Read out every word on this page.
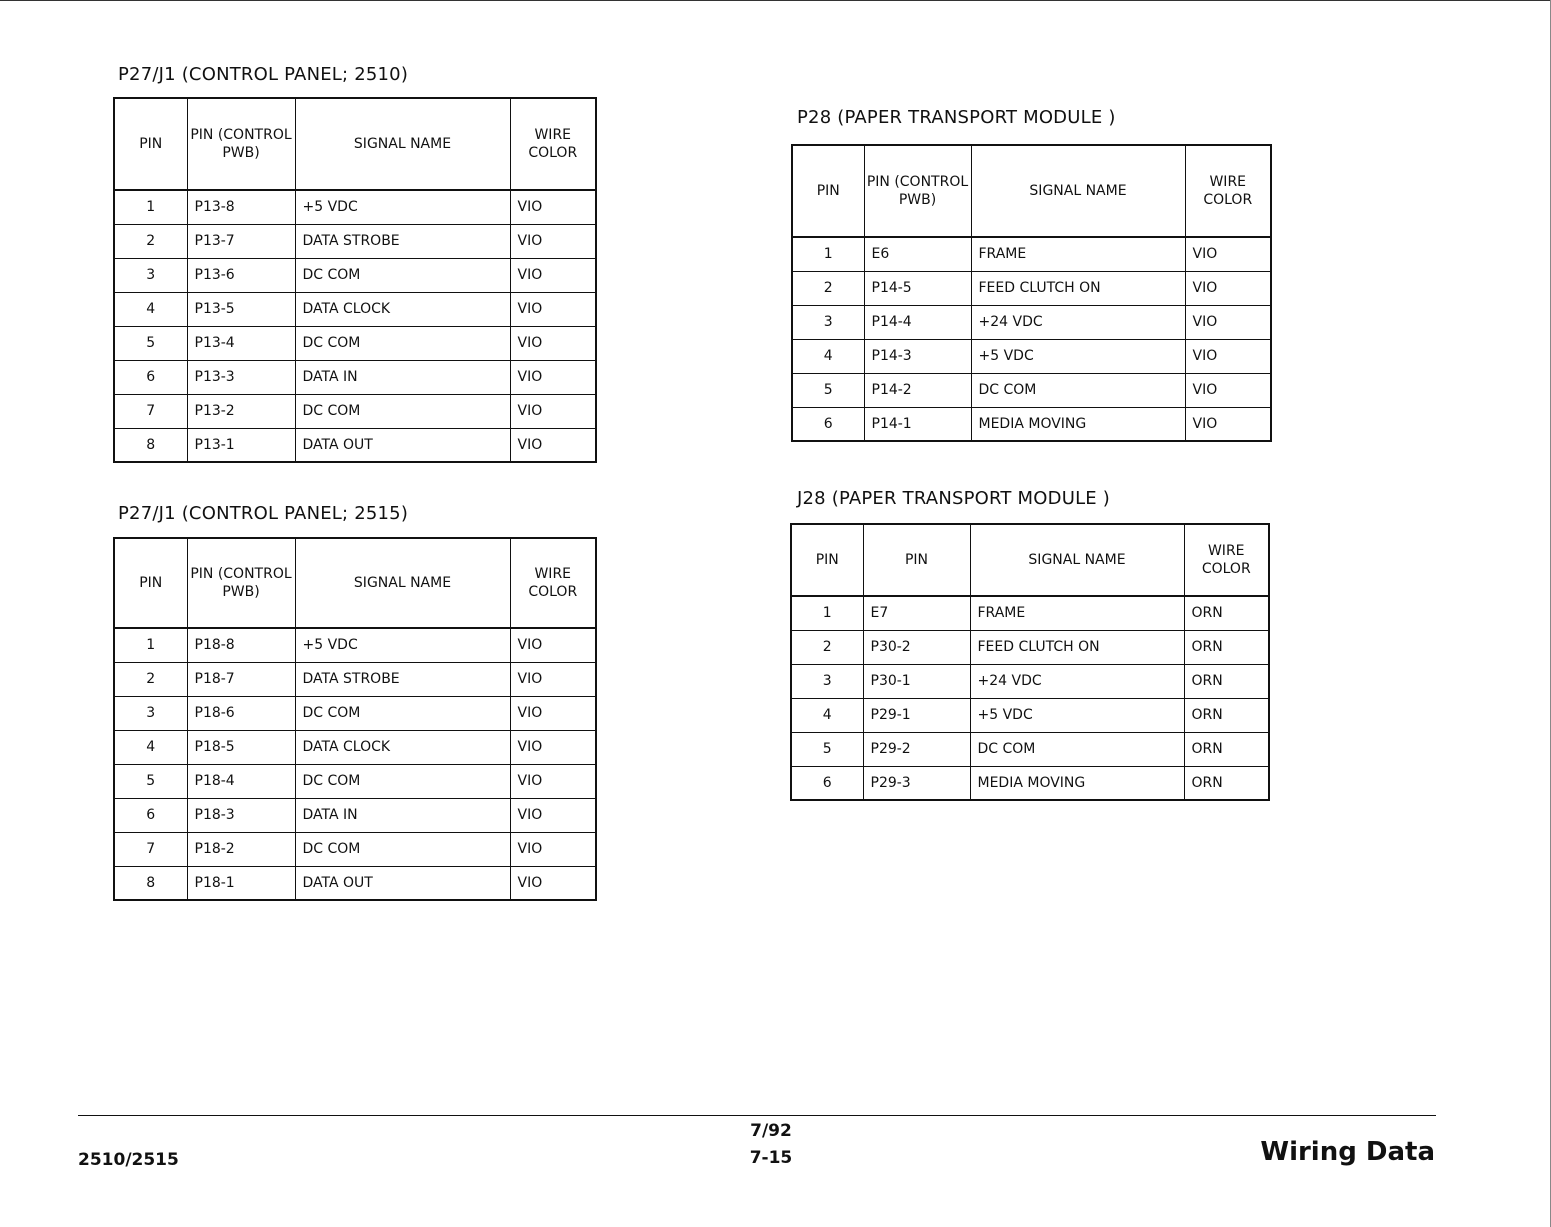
P27/J1 (CONTROL PANEL; 2510)
PIN	PIN (CONTROL PWB)	SIGNAL NAME	WIRE COLOR
1	P13-8	+5 VDC	VIO
2	P13-7	DATA STROBE	VIO
3	P13-6	DC COM	VIO
4	P13-5	DATA CLOCK	VIO
5	P13-4	DC COM	VIO
6	P13-3	DATA IN	VIO
7	P13-2	DC COM	VIO
8	P13-1	DATA OUT	VIO
P27/J1 (CONTROL PANEL; 2515)
PIN	PIN (CONTROL PWB)	SIGNAL NAME	WIRE COLOR
1	P18-8	+5 VDC	VIO
2	P18-7	DATA STROBE	VIO
3	P18-6	DC COM	VIO
4	P18-5	DATA CLOCK	VIO
5	P18-4	DC COM	VIO
6	P18-3	DATA IN	VIO
7	P18-2	DC COM	VIO
8	P18-1	DATA OUT	VIO
P28 (PAPER TRANSPORT MODULE )
PIN	PIN (CONTROL PWB)	SIGNAL NAME	WIRE COLOR
1	E6	FRAME	VIO
2	P14-5	FEED CLUTCH ON	VIO
3	P14-4	+24 VDC	VIO
4	P14-3	+5 VDC	VIO
5	P14-2	DC COM	VIO
6	P14-1	MEDIA MOVING	VIO
J28 (PAPER TRANSPORT MODULE )
PIN	PIN	SIGNAL NAME	WIRE COLOR
1	E7	FRAME	ORN
2	P30-2	FEED CLUTCH ON	ORN
3	P30-1	+24 VDC	ORN
4	P29-1	+5 VDC	ORN
5	P29-2	DC COM	ORN
6	P29-3	MEDIA MOVING	ORN
2510/2515
7/92
7-15	Wiring Data
